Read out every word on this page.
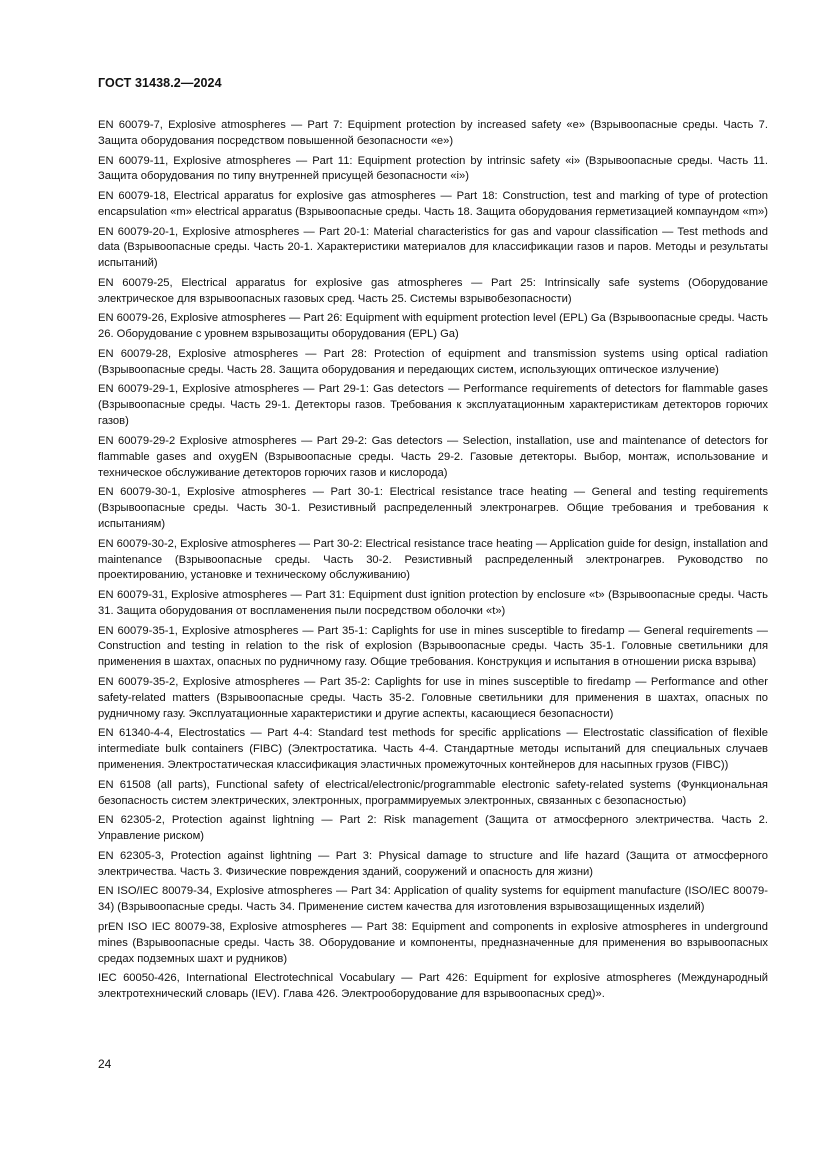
ГОСТ 31438.2—2024

EN 60079-7, Explosive atmospheres — Part 7: Equipment protection by increased safety «e» (Взрывоопасные среды. Часть 7. Защита оборудования посредством повышенной безопасности «e»)

EN 60079-11, Explosive atmospheres — Part 11: Equipment protection by intrinsic safety «i» (Взрывоопасные среды. Часть 11. Защита оборудования по типу внутренней присущей безопасности «i»)

EN 60079-18, Electrical apparatus for explosive gas atmospheres — Part 18: Construction, test and marking of type of protection encapsulation «m» electrical apparatus (Взрывоопасные среды. Часть 18. Защита оборудования герметизацией компаундом «m»)

EN 60079-20-1, Explosive atmospheres — Part 20-1: Material characteristics for gas and vapour classification — Test methods and data (Взрывоопасные среды. Часть 20-1. Характеристики материалов для классификации газов и паров. Методы и результаты испытаний)

EN 60079-25, Electrical apparatus for explosive gas atmospheres — Part 25: Intrinsically safe systems (Оборудование электрическое для взрывоопасных газовых сред. Часть 25. Системы взрывобезопасности)

EN 60079-26, Explosive atmospheres — Part 26: Equipment with equipment protection level (EPL) Ga (Взрывоопасные среды. Часть 26. Оборудование с уровнем взрывозащиты оборудования (EPL) Ga)

EN 60079-28, Explosive atmospheres — Part 28: Protection of equipment and transmission systems using optical radiation (Взрывоопасные среды. Часть 28. Защита оборудования и передающих систем, использующих оптическое излучение)

EN 60079-29-1, Explosive atmospheres — Part 29-1: Gas detectors — Performance requirements of detectors for flammable gases (Взрывоопасные среды. Часть 29-1. Детекторы газов. Требования к эксплуатационным характеристикам детекторов горючих газов)

EN 60079-29-2 Explosive atmospheres — Part 29-2: Gas detectors — Selection, installation, use and maintenance of detectors for flammable gases and oxygEN (Взрывоопасные среды. Часть 29-2. Газовые детекторы. Выбор, монтаж, использование и техническое обслуживание детекторов горючих газов и кислорода)

EN 60079-30-1, Explosive atmospheres — Part 30-1: Electrical resistance trace heating — General and testing requirements (Взрывоопасные среды. Часть 30-1. Резистивный распределенный электронагрев. Общие требования и требования к испытаниям)

EN 60079-30-2, Explosive atmospheres — Part 30-2: Electrical resistance trace heating — Application guide for design, installation and maintenance (Взрывоопасные среды. Часть 30-2. Резистивный распределенный электронагрев. Руководство по проектированию, установке и техническому обслуживанию)

EN 60079-31, Explosive atmospheres — Part 31: Equipment dust ignition protection by enclosure «t» (Взрывоопасные среды. Часть 31. Защита оборудования от воспламенения пыли посредством оболочки «t»)

EN 60079-35-1, Explosive atmospheres — Part 35-1: Caplights for use in mines susceptible to firedamp — General requirements — Construction and testing in relation to the risk of explosion (Взрывоопасные среды. Часть 35-1. Головные светильники для применения в шахтах, опасных по рудничному газу. Общие требования. Конструкция и испытания в отношении риска взрыва)

EN 60079-35-2, Explosive atmospheres — Part 35-2: Caplights for use in mines susceptible to firedamp — Performance and other safety-related matters (Взрывоопасные среды. Часть 35-2. Головные светильники для применения в шахтах, опасных по рудничному газу. Эксплуатационные характеристики и другие аспекты, касающиеся безопасности)

EN 61340-4-4, Electrostatics — Part 4-4: Standard test methods for specific applications — Electrostatic classification of flexible intermediate bulk containers (FIBC) (Электростатика. Часть 4-4. Стандартные методы испытаний для специальных случаев применения. Электростатическая классификация эластичных промежуточных контейнеров для насыпных грузов (FIBC))

EN 61508 (all parts), Functional safety of electrical/electronic/programmable electronic safety-related systems (Функциональная безопасность систем электрических, электронных, программируемых электронных, связанных с безопасностью)

EN 62305-2, Protection against lightning — Part 2: Risk management (Защита от атмосферного электричества. Часть 2. Управление риском)

EN 62305-3, Protection against lightning — Part 3: Physical damage to structure and life hazard (Защита от атмосферного электричества. Часть 3. Физические повреждения зданий, сооружений и опасность для жизни)

EN ISO/IEC 80079-34, Explosive atmospheres — Part 34: Application of quality systems for equipment manufacture (ISO/IEC 80079-34) (Взрывоопасные среды. Часть 34. Применение систем качества для изготовления взрывозащищенных изделий)

prEN ISO IEC 80079-38, Explosive atmospheres — Part 38: Equipment and components in explosive atmospheres in underground mines (Взрывоопасные среды. Часть 38. Оборудование и компоненты, предназначенные для применения во взрывоопасных средах подземных шахт и рудников)

IEC 60050-426, International Electrotechnical Vocabulary — Part 426: Equipment for explosive atmospheres (Международный электротехнический словарь (IEV). Глава 426. Электрооборудование для взрывоопасных сред)».

24
